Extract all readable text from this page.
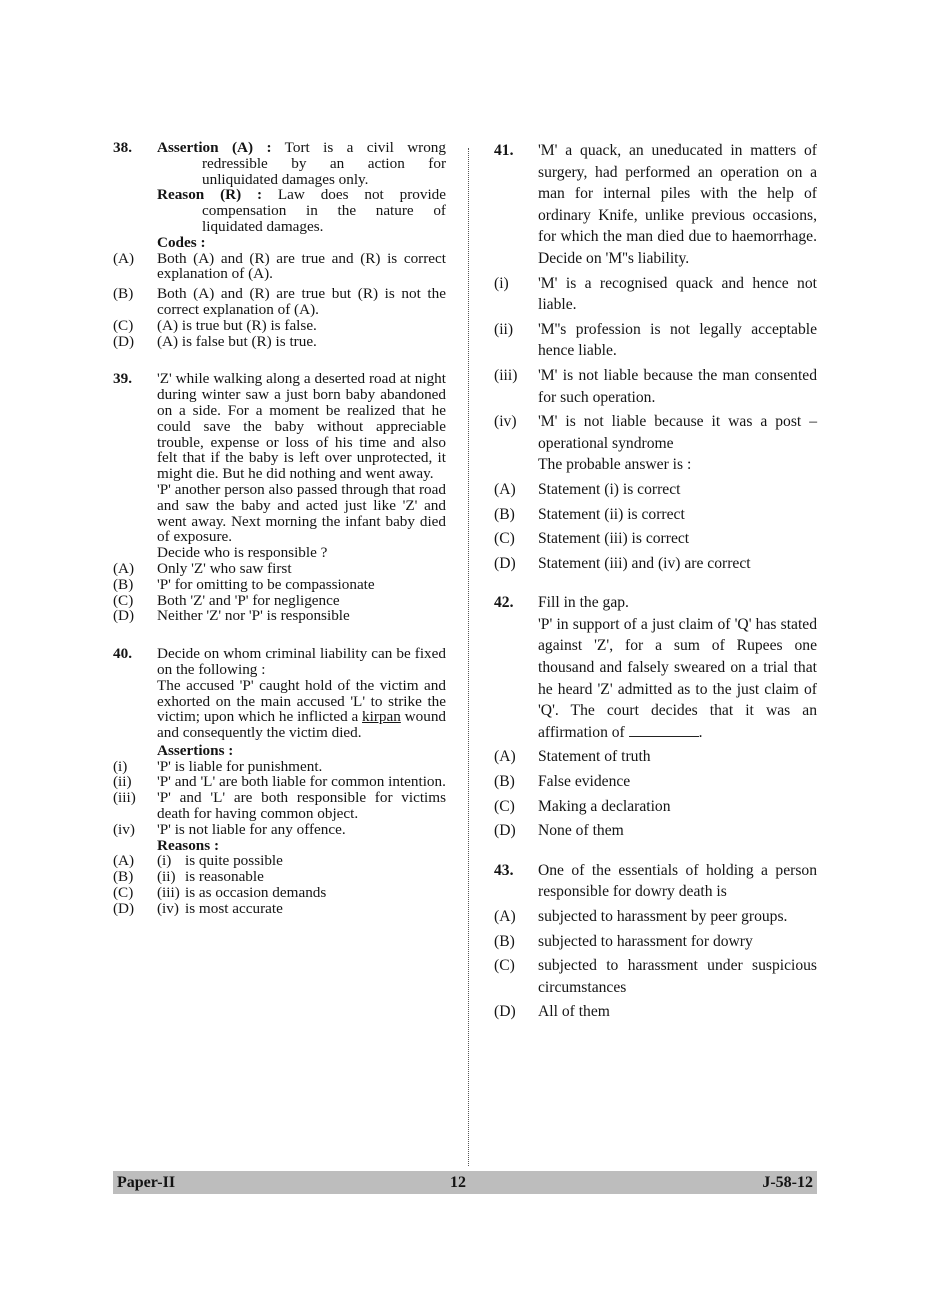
38. Assertion (A) : Tort is a civil wrong redressible by an action for unliquidated damages only.
Reason (R) : Law does not provide compensation in the nature of liquidated damages.
Codes :
(A) Both (A) and (R) are true and (R) is correct explanation of (A).
(B) Both (A) and (R) are true but (R) is not the correct explanation of (A).
(C) (A) is true but (R) is false.
(D) (A) is false but (R) is true.
39. 'Z' while walking along a deserted road at night during winter saw a just born baby abandoned on a side. For a moment be realized that he could save the baby without appreciable trouble, expense or loss of his time and also felt that if the baby is left over unprotected, it might die. But he did nothing and went away.
'P' another person also passed through that road and saw the baby and acted just like 'Z' and went away. Next morning the infant baby died of exposure.
Decide who is responsible ?
(A) Only 'Z' who saw first
(B) 'P' for omitting to be compassionate
(C) Both 'Z' and 'P' for negligence
(D) Neither 'Z' nor 'P' is responsible
40. Decide on whom criminal liability can be fixed on the following :
The accused 'P' caught hold of the victim and exhorted on the main accused 'L' to strike the victim; upon which he inflicted a kirpan wound and consequently the victim died.
Assertions :
(i) 'P' is liable for punishment.
(ii) 'P' and 'L' are both liable for common intention.
(iii) 'P' and 'L' are both responsible for victims death for having common object.
(iv) 'P' is not liable for any offence.
Reasons :
(A) (i) is quite possible
(B) (ii) is reasonable
(C) (iii) is as occasion demands
(D) (iv) is most accurate
41. 'M' a quack, an uneducated in matters of surgery, had performed an operation on a man for internal piles with the help of ordinary Knife, unlike previous occasions, for which the man died due to haemorrhage. Decide on 'M''s liability.
(i) 'M' is a recognised quack and hence not liable.
(ii) 'M''s profession is not legally acceptable hence liable.
(iii) 'M' is not liable because the man consented for such operation.
(iv) 'M' is not liable because it was a post – operational syndrome
The probable answer is :
(A) Statement (i) is correct
(B) Statement (ii) is correct
(C) Statement (iii) is correct
(D) Statement (iii) and (iv) are correct
42. Fill in the gap.
'P' in support of a just claim of 'Q' has stated against 'Z', for a sum of Rupees one thousand and falsely sweared on a trial that he heard 'Z' admitted as to the just claim of 'Q'. The court decides that it was an affirmation of	.
(A) Statement of truth
(B) False evidence
(C) Making a declaration
(D) None of them
43. One of the essentials of holding a person responsible for dowry death is
(A) subjected to harassment by peer groups.
(B) subjected to harassment for dowry
(C) subjected to harassment under suspicious circumstances
(D) All of them
Paper-II	12	J-58-12
